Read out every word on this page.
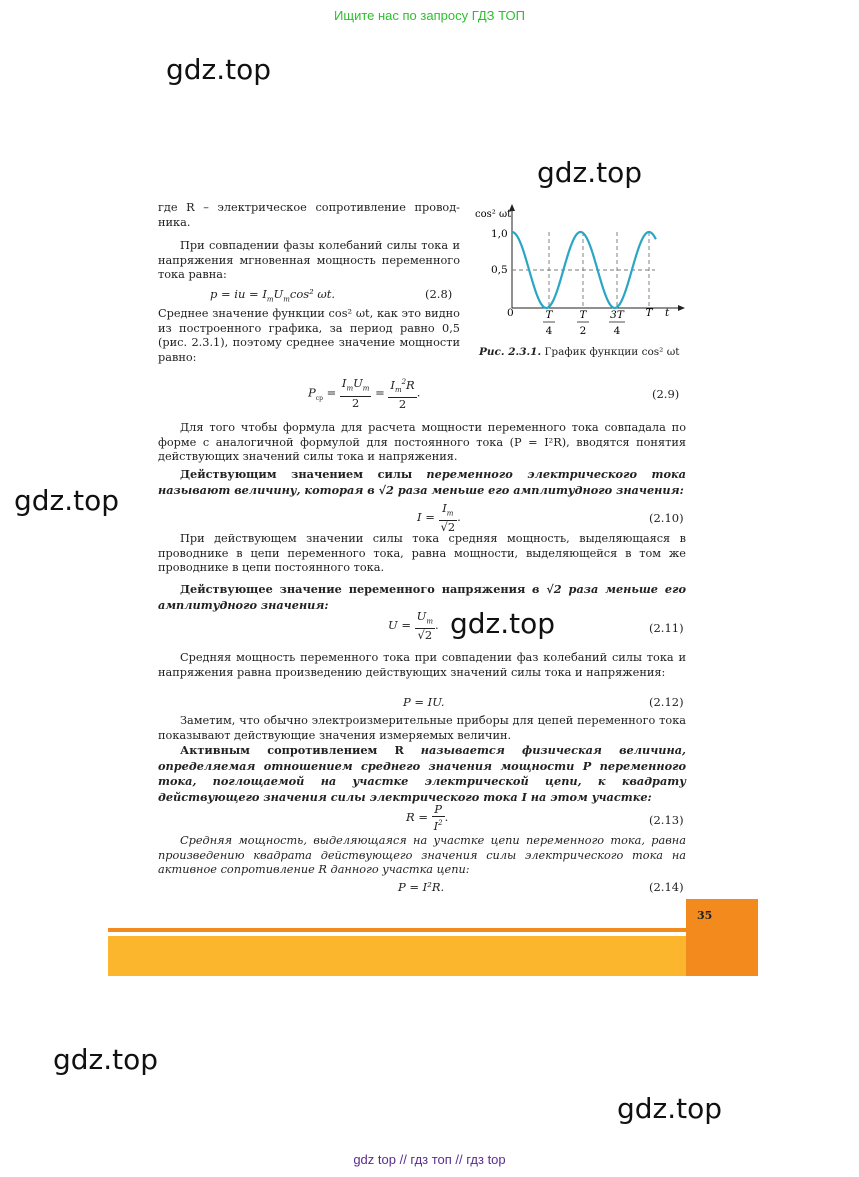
Ищите нас по запросу ГДЗ ТОП
gdz.top
gdz.top
gdz.top
gdz.top
gdz.top
gdz.top
cos² ωt
1,0
0,5
0	t
T
4
T
2
3T
4
T
Рис. 2.3.1. График функции cos² ωt
где R – электрическое сопротивление провод-ника.
При совпадении фазы колебаний силы тока и напряжения мгновенная мощность переменного тока равна:
p = iu = $I_mU_m\cos^2$ ωt.	(2.8)
Среднее значение функции cos² ωt, как это видно из построенного графика, за период равно 0,5 (рис. 2.3.1), поэтому среднее значение мощности равно:
$P_{ср} = \frac{I_mU_m}{2} = \frac{I_m^2R}{2}$ .	(2.9)
Для того чтобы формула для расчета мощности переменного тока совпадала по форме с аналогичной формулой для постоянного тока (P = I²R), вводятся понятия действующих значений силы тока и напряжения.
Действующим значением силы переменного электрического тока называют величину, которая в √2 раза меньше его амплитудного значения:
$I = \frac{I_m}{√2}$ .	(2.10)
При действующем значении силы тока средняя мощность, выделяющаяся в проводнике в цепи переменного тока, равна мощности, выделяющейся в том же проводнике в цепи постоянного тока.
Действующее значение переменного напряжения в √2 раза меньше его амплитудного значения:
$U = \frac{U_m}{√2}$ .	(2.11)
Средняя мощность переменного тока при совпадении фаз колебаний силы тока и напряжения равна произведению действующих значений силы тока и напряжения:
P = IU.	(2.12)
Заметим, что обычно электроизмерительные приборы для цепей переменного тока показывают действующие значения измеряемых величин.
Активным сопротивлением R называется физическая величина, определяемая отношением среднего значения мощности P переменного тока, поглощаемой на участке электрической цепи, к квадрату действующего значения силы электрического тока I на этом участке:
$R = \frac{P}{I^2}$ .	(2.13)
Средняя мощность, выделяющаяся на участке цепи переменного тока, равна произведению квадрата действующего значения силы электрического тока на активное сопротивление R данного участка цепи:
P = I²R.	(2.14)
35
gdz top // гдз топ // гдз top
